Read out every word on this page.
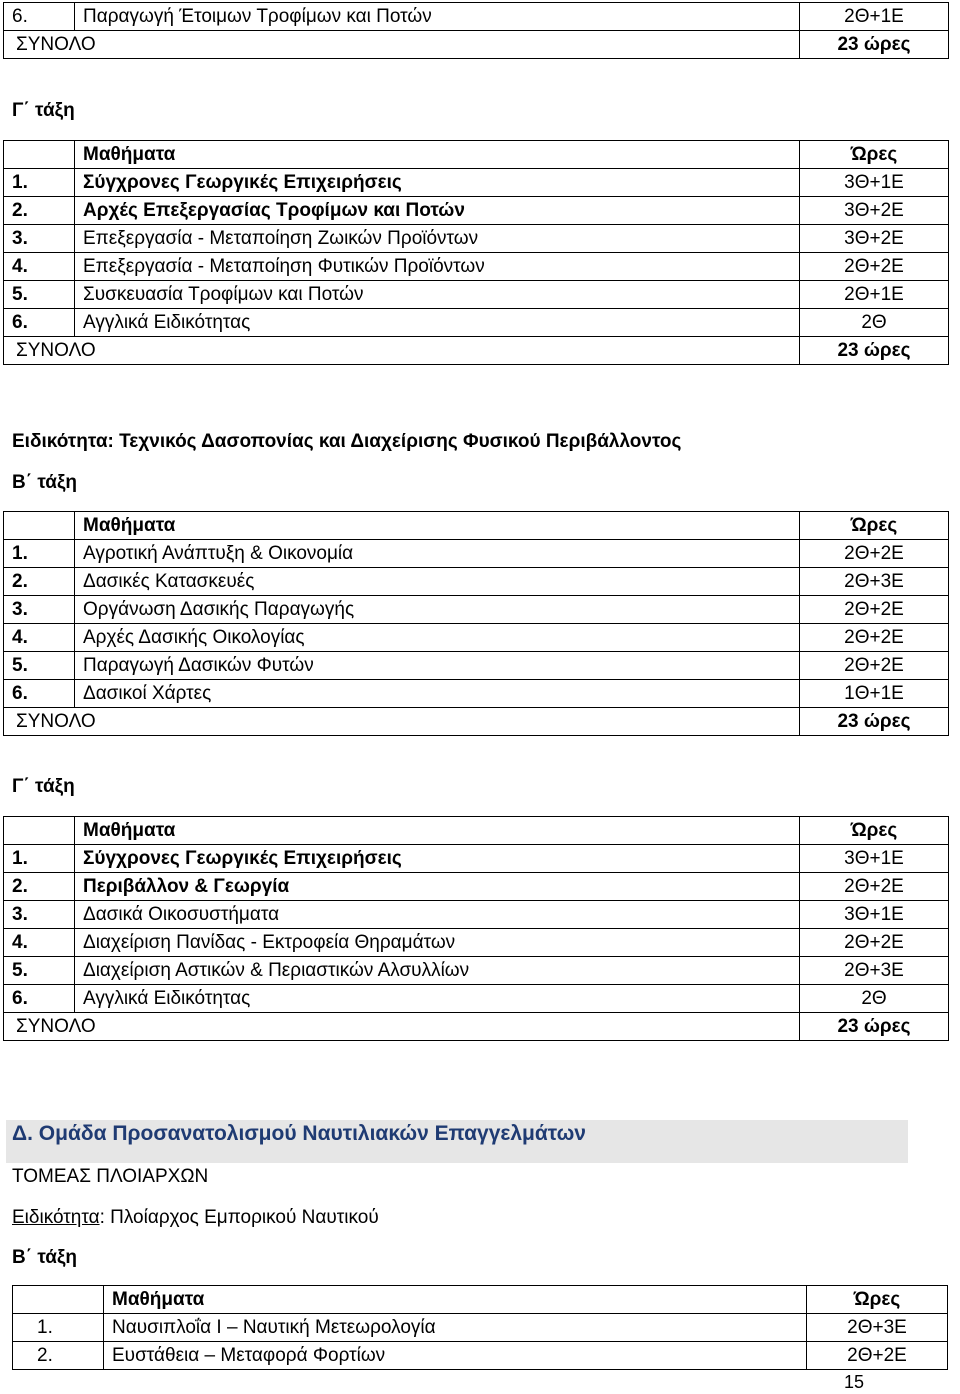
6.	Παραγωγή Έτοιμων Τροφίμων και Ποτών	2Θ+1Ε
ΣΥΝΟΛΟ		23 ώρες
Γ΄ τάξη
	Μαθήματα	Ώρες
1.	Σύγχρονες Γεωργικές Επιχειρήσεις	3Θ+1Ε
2.	Αρχές Επεξεργασίας Τροφίμων και Ποτών	3Θ+2Ε
3.	Επεξεργασία - Μεταποίηση Ζωικών Προϊόντων	3Θ+2Ε
4.	Επεξεργασία - Μεταποίηση Φυτικών Προϊόντων	2Θ+2Ε
5.	Συσκευασία Τροφίμων και Ποτών	2Θ+1Ε
6.	Αγγλικά Ειδικότητας	2Θ
ΣΥΝΟΛΟ		23 ώρες
Ειδικότητα: Τεχνικός Δασοπονίας και Διαχείρισης Φυσικού Περιβάλλοντος
Β΄ τάξη
	Μαθήματα	Ώρες
1.	Αγροτική Ανάπτυξη & Οικονομία	2Θ+2Ε
2.	Δασικές Κατασκευές	2Θ+3Ε
3.	Οργάνωση Δασικής Παραγωγής	2Θ+2Ε
4.	Αρχές Δασικής Οικολογίας	2Θ+2Ε
5.	Παραγωγή Δασικών Φυτών	2Θ+2Ε
6.	Δασικοί Χάρτες	1Θ+1Ε
ΣΥΝΟΛΟ		23 ώρες
Γ΄ τάξη
	Μαθήματα	Ώρες
1.	Σύγχρονες Γεωργικές Επιχειρήσεις	3Θ+1Ε
2.	Περιβάλλον & Γεωργία	2Θ+2Ε
3.	Δασικά Οικοσυστήματα	3Θ+1Ε
4.	Διαχείριση Πανίδας - Εκτροφεία Θηραμάτων	2Θ+2Ε
5.	Διαχείριση Αστικών & Περιαστικών Αλσυλλίων	2Θ+3Ε
6.	Αγγλικά Ειδικότητας	2Θ
ΣΥΝΟΛΟ		23 ώρες
Δ. Ομάδα Προσανατολισμού Ναυτιλιακών Επαγγελμάτων
ΤΟΜΕΑΣ ΠΛΟΙΑΡΧΩΝ
Ειδικότητα: Πλοίαρχος Εμπορικού Ναυτικού
Β΄ τάξη
	Μαθήματα	Ώρες
1.	Ναυσιπλοΐα Ι – Ναυτική Μετεωρολογία	2Θ+3Ε
2.	Ευστάθεια – Μεταφορά Φορτίων	2Θ+2Ε
15
